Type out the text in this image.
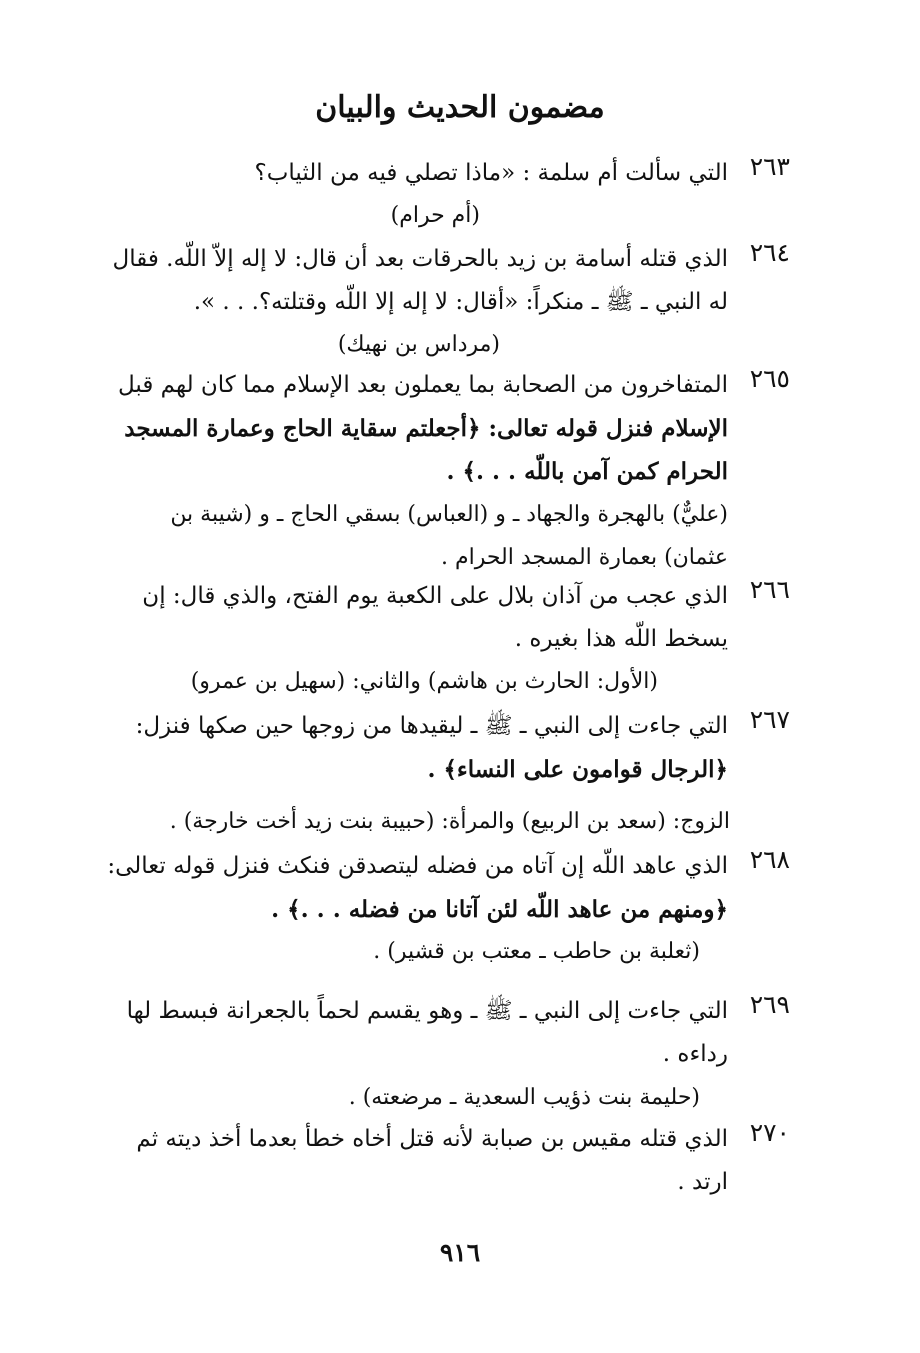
مضمون الحديث والبيان
٢٦٣
التي سألت أم سلمة : «ماذا تصلي فيه من الثياب؟
(أم حرام)
٢٦٤
الذي قتله أسامة بن زيد بالحرقات بعد أن قال: لا إله إلاّ اللّه. فقال
له النبي ـ ﷺ ـ منكراً: «أقال: لا إله إلا اللّه وقتلته؟. . . ».
(مرداس بن نهيك)
٢٦٥
المتفاخرون من الصحابة بما يعملون بعد الإسلام مما كان لهم قبل
الإسلام فنزل قوله تعالى: ﴿أجعلتم سقاية الحاج وعمارة المسجد
الحرام كمن آمن باللّه . . .﴾ .
(عليٌّ) بالهجرة والجهاد ـ و (العباس) بسقي الحاج ـ و (شيبة بن
عثمان) بعمارة المسجد الحرام .
٢٦٦
الذي عجب من آذان بلال على الكعبة يوم الفتح، والذي قال: إن
يسخط اللّه هذا بغيره .
(الأول: الحارث بن هاشم) والثاني: (سهيل بن عمرو)
٢٦٧
التي جاءت إلى النبي ـ ﷺ ـ ليقيدها من زوجها حين صكها فنزل:
﴿الرجال قوامون على النساء﴾ .
الزوج: (سعد بن الربيع) والمرأة: (حبيبة بنت زيد أخت خارجة) .
٢٦٨
الذي عاهد اللّه إن آتاه من فضله ليتصدقن فنكث فنزل قوله تعالى:
﴿ومنهم من عاهد اللّه لئن آتانا من فضله . . .﴾ .
(ثعلبة بن حاطب ـ معتب بن قشير) .
٢٦٩
التي جاءت إلى النبي ـ ﷺ ـ وهو يقسم لحماً بالجعرانة فبسط لها
رداءه .
(حليمة بنت ذؤيب السعدية ـ مرضعته) .
٢٧٠
الذي قتله مقيس بن صبابة لأنه قتل أخاه خطأ بعدما أخذ ديته ثم
ارتد .
٩١٦
